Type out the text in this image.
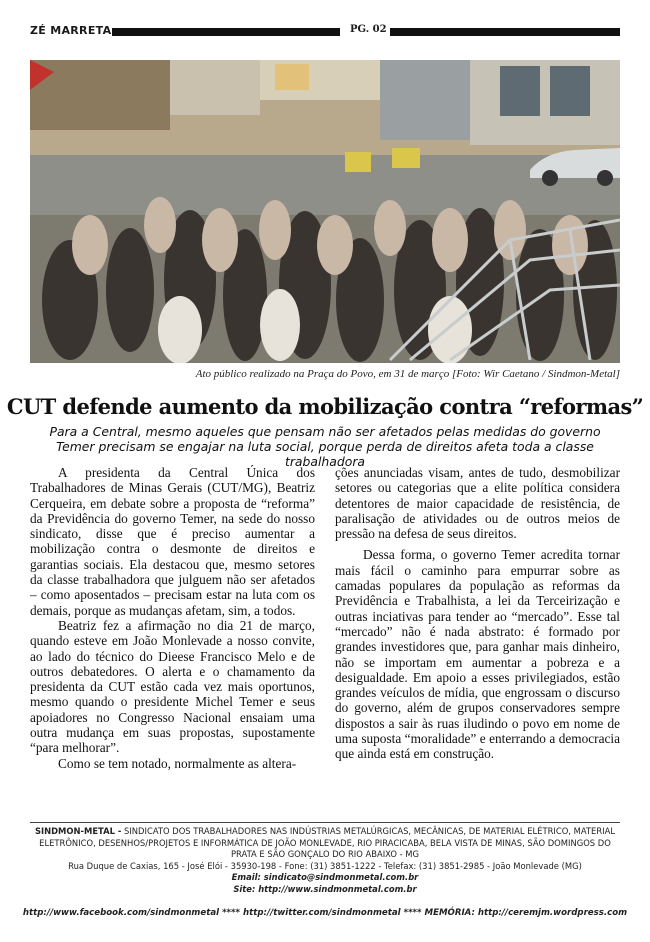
ZÉ MARRETA	PG. 02
Ato público realizado na Praça do Povo, em 31 de março [Foto: Wir Caetano / Sindmon-Metal]
CUT defende aumento da mobilização contra “reformas”
Para a Central, mesmo aqueles que pensam não ser afetados pelas medidas do governo Temer precisam se engajar na luta social, porque perda de direitos afeta toda a classe trabalhadora

A presidenta da Central Única dos Trabalhadores de Minas Gerais (CUT/MG), Beatriz Cerqueira, em debate sobre a proposta de “reforma” da Previdência do governo Temer, na sede do nosso sindicato, disse que é preciso aumentar a mobilização contra o desmonte de direitos e garantias sociais. Ela destacou que, mesmo setores da classe trabalhadora que julguem não ser afetados – como aposentados – precisam estar na luta com os demais, porque as mudanças afetam, sim, a todos.

Beatriz fez a afirmação no dia 21 de março, quando esteve em João Monlevade a nosso convite, ao lado do técnico do Dieese Francisco Melo e de outros debatedores. O alerta e o chamamento da presidenta da CUT estão cada vez mais oportunos, mesmo quando o presidente Michel Temer e seus apoiadores no Congresso Nacional ensaiam uma outra mudança em suas propostas, supostamente “para melhorar”.

Como se tem notado, normalmente as altera-

ções anunciadas visam, antes de tudo, desmobilizar setores ou categorias que a elite política considera detentores de maior capacidade de resistência, de paralisação de atividades ou de outros meios de pressão na defesa de seus direitos.

Dessa forma, o governo Temer acredita tornar mais fácil o caminho para empurrar sobre as camadas populares da população as reformas da Previdência e Trabalhista, a lei da Terceirização e outras inciativas para tender ao “mercado”. Esse tal “mercado” não é nada abstrato: é formado por grandes investidores que, para ganhar mais dinheiro, não se importam em aumentar a pobreza e a desigualdade. Em apoio a esses privilegiados, estão grandes veículos de mídia, que engrossam o discurso do governo, além de grupos conservadores sempre dispostos a sair às ruas iludindo o povo em nome de uma suposta “moralidade” e enterrando a democracia que ainda está em construção.

SINDMON-METAL - SINDICATO DOS TRABALHADORES NAS INDÚSTRIAS METALÚRGICAS, MECÂNICAS, DE MATERIAL ELÉTRICO, MATERIAL ELETRÔNICO, DESENHOS/PROJETOS E INFORMÁTICA DE JOÃO MONLEVADE, RIO PIRACICABA, BELA VISTA DE MINAS, SÃO DOMINGOS DO PRATA E SÃO GONÇALO DO RIO ABAIXO - MG
Rua Duque de Caxias, 165 - José Elói - 35930-198 - Fone: (31) 3851-1222 - Telefax: (31) 3851-2985 - João Monlevade (MG)
Email: sindicato@sindmonmetal.com.br
Site: http://www.sindmonmetal.com.br
http://www.facebook.com/sindmonmetal **** http://twitter.com/sindmonmetal **** MEMÓRIA: http://ceremjm.wordpress.com
